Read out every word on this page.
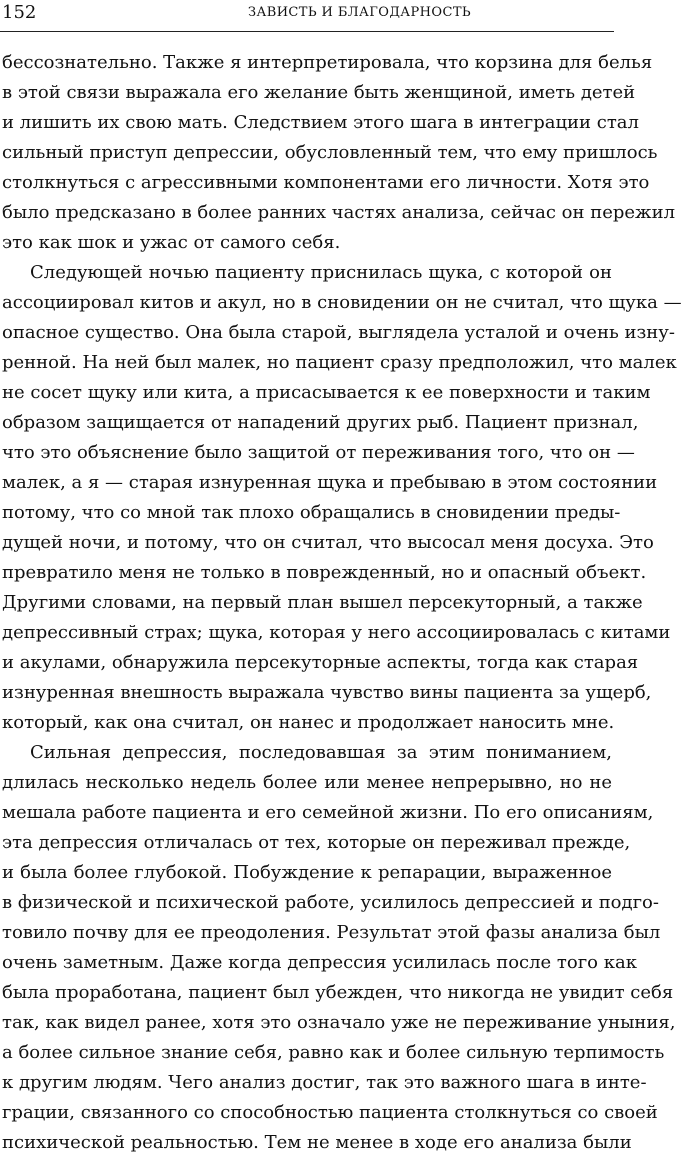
152	ЗАВИСТЬ И БЛАГОДАРНОСТЬ
бессознательно. Также я интерпретировала, что корзина для белья
в этой связи выражала его желание быть женщиной, иметь детей
и лишить их свою мать. Следствием этого шага в интеграции стал
сильный приступ депрессии, обусловленный тем, что ему пришлось
столкнуться с агрессивными компонентами его личности. Хотя это
было предсказано в более ранних частях анализа, сейчас он пережил
это как шок и ужас от самого себя.
Следующей ночью пациенту приснилась щука, с которой он
ассоциировал китов и акул, но в сновидении он не считал, что щука —
опасное существо. Она была старой, выглядела усталой и очень изну-
ренной. На ней был малек, но пациент сразу предположил, что малек
не сосет щуку или кита, а присасывается к ее поверхности и таким
образом защищается от нападений других рыб. Пациент признал,
что это объяснение было защитой от переживания того, что он —
малек, а я — старая изнуренная щука и пребываю в этом состоянии
потому, что со мной так плохо обращались в сновидении преды-
дущей ночи, и потому, что он считал, что высосал меня досуха. Это
превратило меня не только в поврежденный, но и опасный объект.
Другими словами, на первый план вышел персекуторный, а также
депрессивный страх; щука, которая у него ассоциировалась с китами
и акулами, обнаружила персекуторные аспекты, тогда как старая
изнуренная внешность выражала чувство вины пациента за ущерб,
который, как она считал, он нанес и продолжает наносить мне.
Сильная депрессия, последовавшая за этим пониманием,
длилась несколько недель более или менее непрерывно, но не
мешала работе пациента и его семейной жизни. По его описаниям,
эта депрессия отличалась от тех, которые он переживал прежде,
и была более глубокой. Побуждение к репарации, выраженное
в физической и психической работе, усилилось депрессией и подго-
товило почву для ее преодоления. Результат этой фазы анализа был
очень заметным. Даже когда депрессия усилилась после того как
была проработана, пациент был убежден, что никогда не увидит себя
так, как видел ранее, хотя это означало уже не переживание уныния,
а более сильное знание себя, равно как и более сильную терпимость
к другим людям. Чего анализ достиг, так это важного шага в инте-
грации, связанного со способностью пациента столкнуться со своей
психической реальностью. Тем не менее в ходе его анализа были
